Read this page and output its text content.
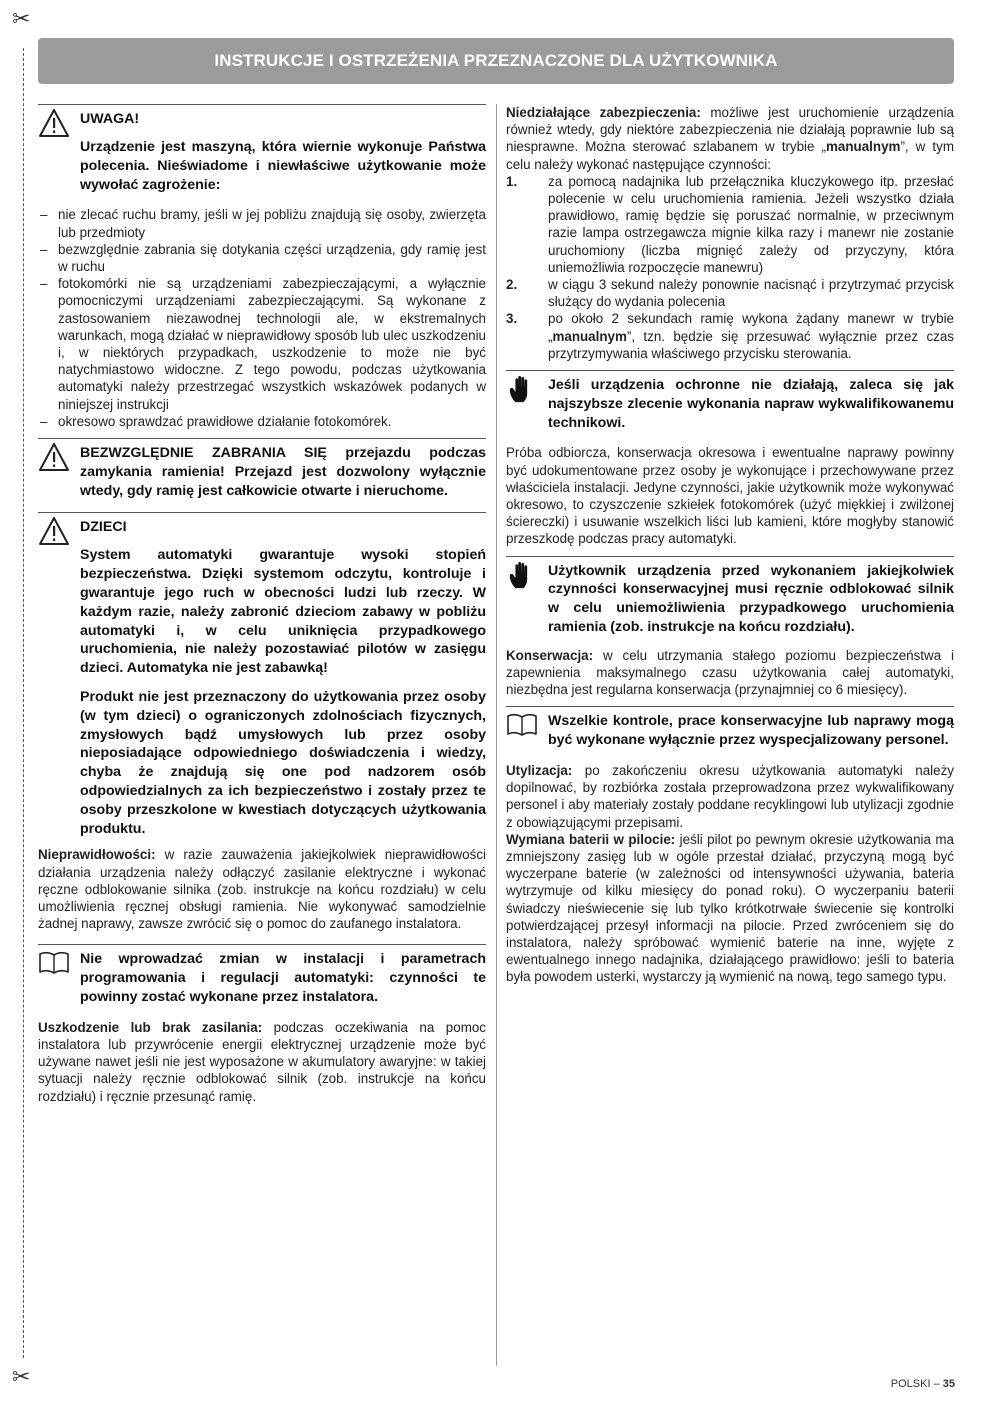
✂
✂
INSTRUKCJE I OSTRZEŻENIA PRZEZNACZONE DLA UŻYTKOWNIKA
UWAGA!

Urządzenie jest maszyną, która wiernie wykonuje Państwa polecenia. Nieświadome i niewłaściwe użytkowanie może wywołać zagrożenie:

– nie zlecać ruchu bramy, jeśli w jej pobliżu znajdują się osoby, zwierzęta lub przedmioty
– bezwzględnie zabrania się dotykania części urządzenia, gdy ramię jest w ruchu
– fotokomórki nie są urządzeniami zabezpieczającymi, a wyłącznie pomocniczymi urządzeniami zabezpieczającymi. Są wykonane z zastosowaniem niezawodnej technologii ale, w ekstremalnych warunkach, mogą działać w nieprawidłowy sposób lub ulec uszkodzeniu i, w niektórych przypadkach, uszkodzenie to może nie być natychmiastowo widoczne. Z tego powodu, podczas użytkowania automatyki należy przestrzegać wszystkich wskazówek podanych w niniejszej instrukcji
– okresowo sprawdzać prawidłowe działanie fotokomórek.

BEZWZGLĘDNIE ZABRANIA SIĘ przejazdu podczas zamykania ramienia! Przejazd jest dozwolony wyłącznie wtedy, gdy ramię jest całkowicie otwarte i nieruchome.

DZIECI

System automatyki gwarantuje wysoki stopień bezpieczeństwa. Dzięki systemom odczytu, kontroluje i gwarantuje jego ruch w obecności ludzi lub rzeczy. W każdym razie, należy zabronić dzieciom zabawy w pobliżu automatyki i, w celu uniknięcia przypadkowego uruchomienia, nie należy pozostawiać pilotów w zasięgu dzieci. Automatyka nie jest zabawką!

Produkt nie jest przeznaczony do użytkowania przez osoby (w tym dzieci) o ograniczonych zdolnościach fizycznych, zmysłowych bądź umysłowych lub przez osoby nieposiadające odpowiedniego doświadczenia i wiedzy, chyba że znajdują się one pod nadzorem osób odpowiedzialnych za ich bezpieczeństwo i zostały przez te osoby przeszkolone w kwestiach dotyczących użytkowania produktu.

Nieprawidłowości: w razie zauważenia jakiejkolwiek nieprawidłowości działania urządzenia należy odłączyć zasilanie elektryczne i wykonać ręczne odblokowanie silnika (zob. instrukcje na końcu rozdziału) w celu umożliwienia ręcznej obsługi ramienia. Nie wykonywać samodzielnie żadnej naprawy, zawsze zwrócić się o pomoc do zaufanego instalatora.

Nie wprowadzać zmian w instalacji i parametrach programowania i regulacji automatyki: czynności te powinny zostać wykonane przez instalatora.

Uszkodzenie lub brak zasilania: podczas oczekiwania na pomoc instalatora lub przywrócenie energii elektrycznej urządzenie może być używane nawet jeśli nie jest wyposażone w akumulatory awaryjne: w takiej sytuacji należy ręcznie odblokować silnik (zob. instrukcje na końcu rozdziału) i ręcznie przesunąć ramię.

Niedziałające zabezpieczenia: możliwe jest uruchomienie urządzenia również wtedy, gdy niektóre zabezpieczenia nie działają poprawnie lub są niesprawne. Można sterować szlabanem w trybie „manualnym”, w tym celu należy wykonać następujące czynności:

1. za pomocą nadajnika lub przełącznika kluczykowego itp. przesłać polecenie w celu uruchomienia ramienia. Jeżeli wszystko działa prawidłowo, ramię będzie się poruszać normalnie, w przeciwnym razie lampa ostrzegawcza mignie kilka razy i manewr nie zostanie uruchomiony (liczba mignięć zależy od przyczyny, która uniemożliwia rozpoczęcie manewru)
2. w ciągu 3 sekund należy ponownie nacisnąć i przytrzymać przycisk służący do wydania polecenia
3. po około 2 sekundach ramię wykona żądany manewr w trybie „manualnym”, tzn. będzie się przesuwać wyłącznie przez czas przytrzymywania właściwego przycisku sterowania.

Jeśli urządzenia ochronne nie działają, zaleca się jak najszybsze zlecenie wykonania napraw wykwalifikowanemu technikowi.

Próba odbiorcza, konserwacja okresowa i ewentualne naprawy powinny być udokumentowane przez osoby je wykonujące i przechowywane przez właściciela instalacji. Jedyne czynności, jakie użytkownik może wykonywać okresowo, to czyszczenie szkiełek fotokomórek (użyć miękkiej i zwilżonej ściereczki) i usuwanie wszelkich liści lub kamieni, które mogłyby stanowić przeszkodę podczas pracy automatyki.

Użytkownik urządzenia przed wykonaniem jakiejkolwiek czynności konserwacyjnej musi ręcznie odblokować silnik w celu uniemożliwienia przypadkowego uruchomienia ramienia (zob. instrukcje na końcu rozdziału).

Konserwacja: w celu utrzymania stałego poziomu bezpieczeństwa i zapewnienia maksymalnego czasu użytkowania całej automatyki, niezbędna jest regularna konserwacja (przynajmniej co 6 miesięcy).

Wszelkie kontrole, prace konserwacyjne lub naprawy mogą być wykonane wyłącznie przez wyspecjalizowany personel.

Utylizacja: po zakończeniu okresu użytkowania automatyki należy dopilnować, by rozbiórka została przeprowadzona przez wykwalifikowany personel i aby materiały zostały poddane recyklingowi lub utylizacji zgodnie z obowiązującymi przepisami.

Wymiana baterii w pilocie: jeśli pilot po pewnym okresie użytkowania ma zmniejszony zasięg lub w ogóle przestał działać, przyczyną mogą być wyczerpane baterie (w zależności od intensywności używania, bateria wytrzymuje od kilku miesięcy do ponad roku). O wyczerpaniu baterii świadczy nieświecenie się lub tylko krótkotrwałe świecenie się kontrolki potwierdzającej przesył informacji na pilocie. Przed zwróceniem się do instalatora, należy spróbować wymienić baterie na inne, wyjęte z ewentualnego innego nadajnika, działającego prawidłowo: jeśli to bateria była powodem usterki, wystarczy ją wymienić na nową, tego samego typu.

POLSKI – 35
